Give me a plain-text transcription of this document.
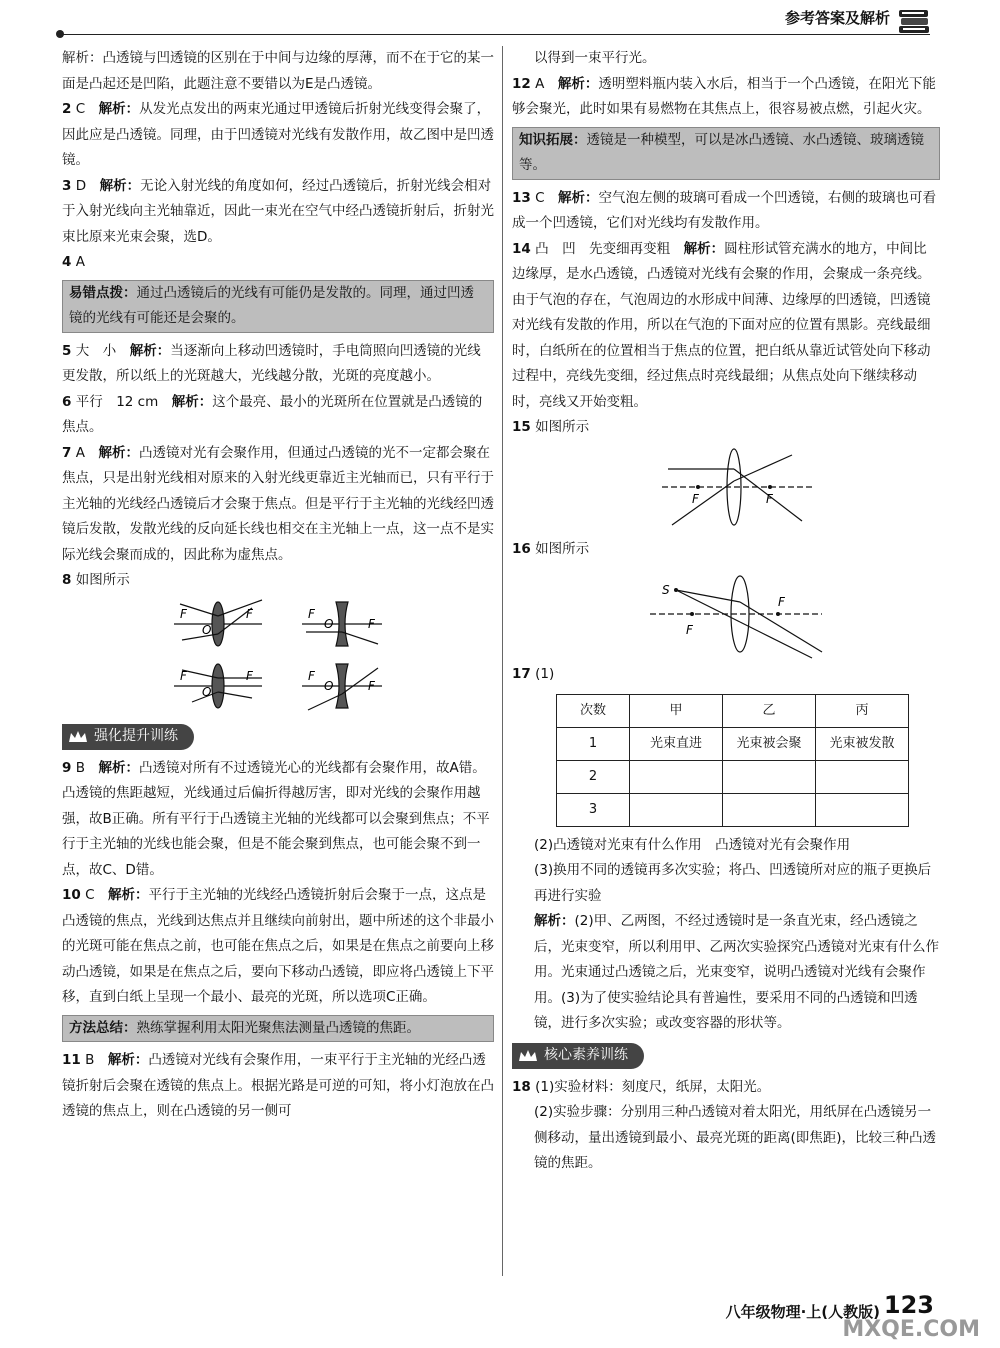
参考答案及解析

解析：凸透镜与凹透镜的区别在于中间与边缘的厚薄，而不在于它的某一面是凸起还是凹陷，此题注意不要错以为E是凸透镜。

2 C　 解析：从发光点发出的两束光通过甲透镜后折射光线变得会聚了，因此应是凸透镜。同理，由于凹透镜对光线有发散作用，故乙图中是凹透镜。

3 D　 解析：无论入射光线的角度如何，经过凸透镜后，折射光线会相对于入射光线向主光轴靠近，因此一束光在空气中经凸透镜折射后，折射光束比原来光束会聚，选D。

4 A

易错点拨：通过凸透镜后的光线有可能仍是发散的。同理，通过凹透镜的光线有可能还是会聚的。

5 大　小　 解析：当逐渐向上移动凹透镜时，手电筒照向凹透镜的光线更发散，所以纸上的光斑越大，光线越分散，光斑的亮度越小。

6 平行　12 cm　 解析：这个最亮、最小的光斑所在位置就是凸透镜的焦点。

7 A　 解析：凸透镜对光有会聚作用，但通过凸透镜的光不一定都会聚在焦点，只是出射光线相对原来的入射光线更靠近主光轴而已，只有平行于主光轴的光线经凸透镜后才会聚于焦点。但是平行于主光轴的光线经凹透镜后发散，发散光线的反向延长线也相交在主光轴上一点，这一点不是实际光线会聚而成的，因此称为虚焦点。

8 如图所示

F
O
F	F
O	F
F
O
F	F
O	F
强化提升训练

9 B　 解析：凸透镜对所有不过透镜光心的光线都有会聚作用，故A错。凸透镜的焦距越短，光线通过后偏折得越厉害，即对光线的会聚作用越强，故B正确。所有平行于凸透镜主光轴的光线都可以会聚到焦点；不平行于主光轴的光线也能会聚，但是不能会聚到焦点，也可能会聚不到一点，故C、D错。

10 C　 解析：平行于主光轴的光线经凸透镜折射后会聚于一点，这点是凸透镜的焦点，光线到达焦点并且继续向前射出，题中所述的这个非最小的光斑可能在焦点之前，也可能在焦点之后，如果是在焦点之前要向上移动凸透镜，如果是在焦点之后，要向下移动凸透镜，即应将凸透镜上下平移，直到白纸上呈现一个最小、最亮的光斑，所以选项C正确。

方法总结：熟练掌握利用太阳光聚焦法测量凸透镜的焦距。

11 B　 解析：凸透镜对光线有会聚作用，一束平行于主光轴的光经凸透镜折射后会聚在透镜的焦点上。根据光路是可逆的可知，将小灯泡放在凸透镜的焦点上，则在凸透镜的另一侧可

以得到一束平行光。

12 A　 解析：透明塑料瓶内装入水后，相当于一个凸透镜，在阳光下能够会聚光，此时如果有易燃物在其焦点上，很容易被点燃，引起火灾。

知识拓展：透镜是一种模型，可以是冰凸透镜、水凸透镜、玻璃透镜等。

13 C　 解析：空气泡左侧的玻璃可看成一个凹透镜，右侧的玻璃也可看成一个凹透镜，它们对光线均有发散作用。

14 凸　凹　先变细再变粗　 解析：圆柱形试管充满水的地方，中间比边缘厚，是水凸透镜，凸透镜对光线有会聚的作用，会聚成一条亮线。由于气泡的存在，气泡周边的水形成中间薄、边缘厚的凹透镜，凹透镜对光线有发散的作用，所以在气泡的下面对应的位置有黑影。亮线最细时，白纸所在的位置相当于焦点的位置，把白纸从靠近试管处向下移动过程中，亮线先变细，经过焦点时亮线最细；从焦点处向下继续移动时，亮线又开始变粗。

15 如图所示

F	F

16 如图所示

S
F
F

17 (1)

次数	甲	乙	丙
1	光束直进	光束被会聚	光束被发散
2			
3			

(2)凸透镜对光束有什么作用　凸透镜对光有会聚作用

(3)换用不同的透镜再多次实验；将凸、凹透镜所对应的瓶子更换后再进行实验

解析：(2)甲、乙两图，不经过透镜时是一条直光束，经凸透镜之后，光束变窄，所以利用甲、乙两次实验探究凸透镜对光束有什么作用。光束通过凸透镜之后，光束变窄，说明凸透镜对光线有会聚作用。(3)为了使实验结论具有普遍性，要采用不同的凸透镜和凹透镜，进行多次实验；或改变容器的形状等。

核心素养训练

18 (1)实验材料：刻度尺，纸屏，太阳光。

(2)实验步骤：分别用三种凸透镜对着太阳光，用纸屏在凸透镜另一侧移动，量出透镜到最小、最亮光斑的距离(即焦距)，比较三种凸透镜的焦距。

八年级物理·上(人教版) 123
MXQE.COM
